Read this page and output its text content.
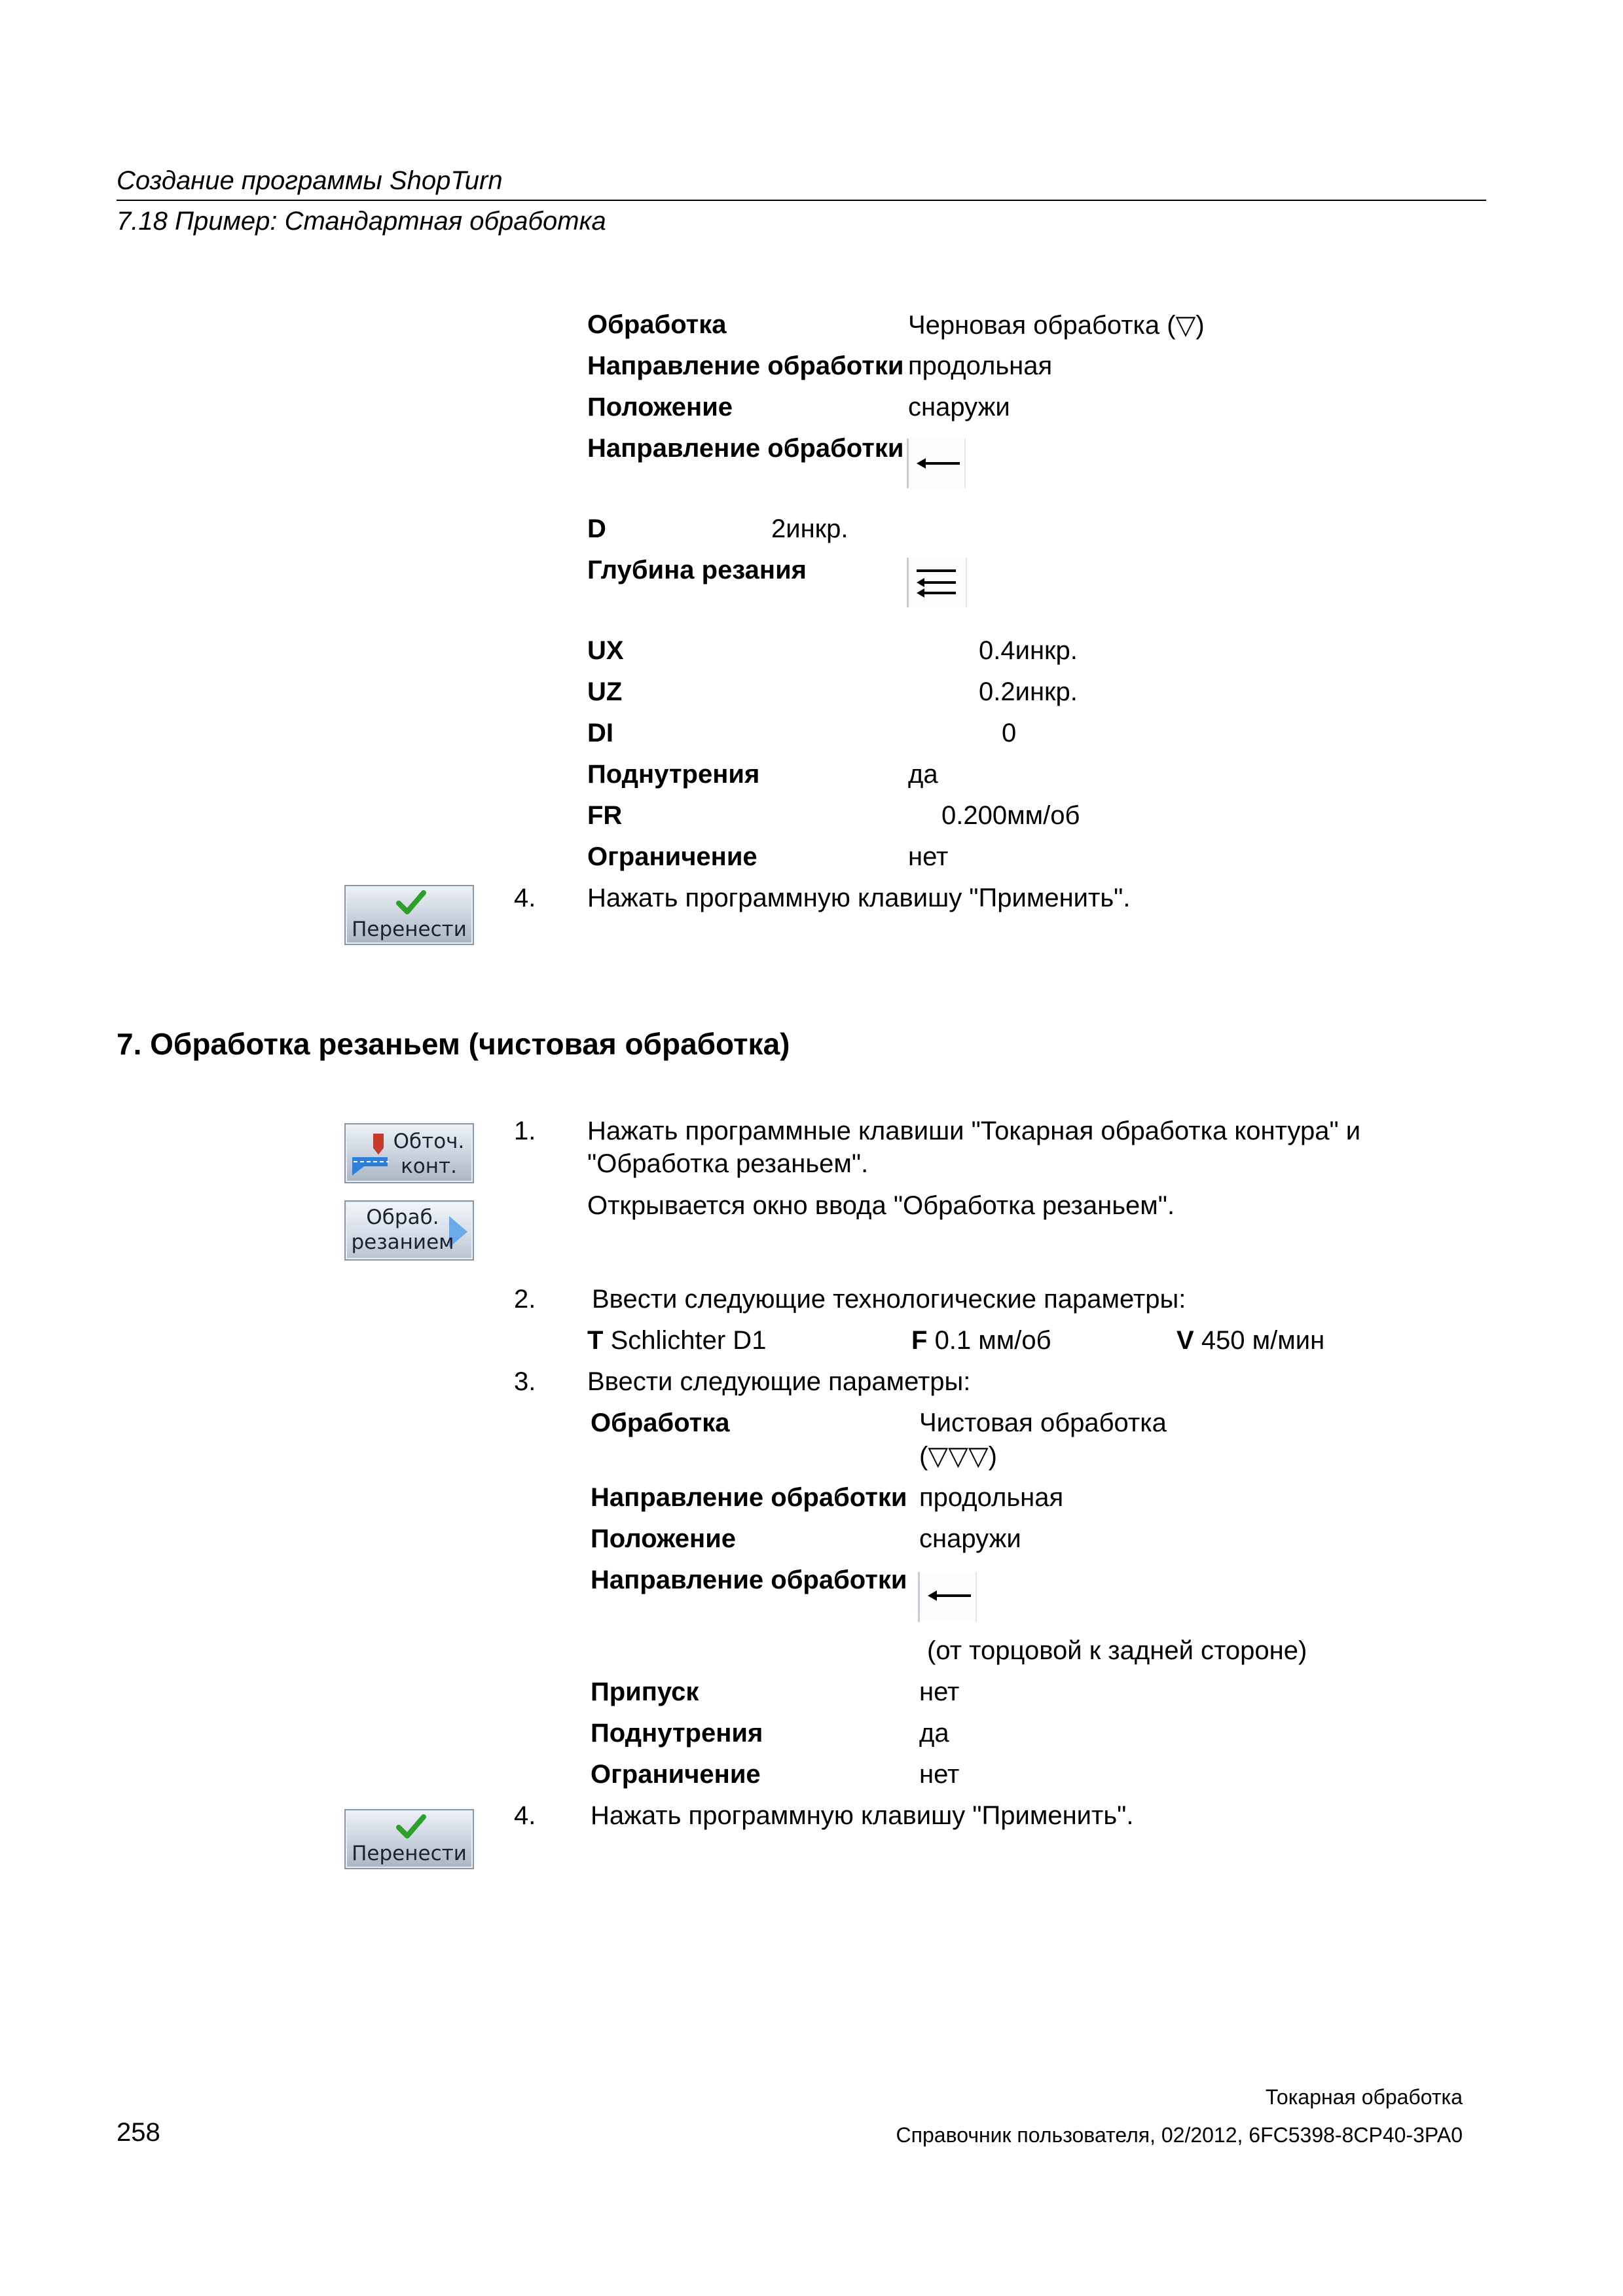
Создание программы ShopTurn
7.18 Пример: Стандартная обработка
Обработка	Черновая обработка (▽)
Направление обработки продольная
Положение	снаружи
Направление обработки
D	2инкр.
Глубина резания
UX	0.4инкр.
UZ	0.2инкр.
DI	0
Поднутрения	да
FR	0.200мм/об
Ограничение	нет
Перенести
4. Нажать программную клавишу "Применить".
7. Обработка резаньем (чистовая обработка)
Обточ.
конт.
Обраб.
резанием
1. Нажать программные клавиши "Токарная обработка контура" и
"Обработка резаньем".
Открывается окно ввода "Обработка резаньем".
2. Ввести следующие технологические параметры:
T Schlichter D1	F 0.1 мм/об	V 450 м/мин
3. Ввести следующие параметры:
Обработка	Чистовая обработка
(▽▽▽)
Направление обработки продольная
Положение	снаружи
Направление обработки
(от торцовой к задней стороне)
Припуск	нет
Поднутрения	да
Ограничение	нет
Перенести
4. Нажать программную клавишу "Применить".
Токарная обработка
258	Справочник пользователя, 02/2012, 6FC5398-8CP40-3PA0
